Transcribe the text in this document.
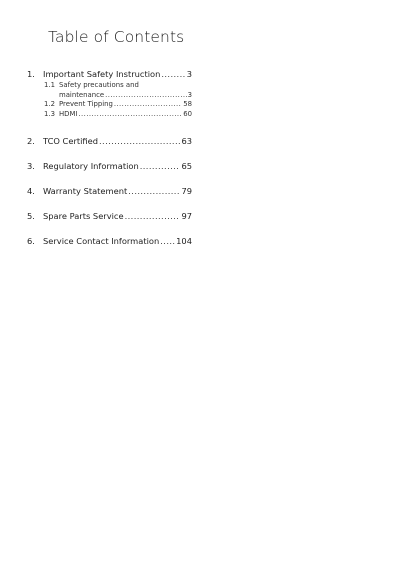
Table of Contents
1. Important Safety Instruction .....	3
1.1 Safety precautions and
maintenance .....	3
1.2 Prevent Tipping .....	58
1.3 HDMI .....	60
2. TCO Certified .....	63
3. Regulatory Information .....	65
4. Warranty Statement .....	79
5. Spare Parts Service .....	97
6. Service Contact Information ..... 104
